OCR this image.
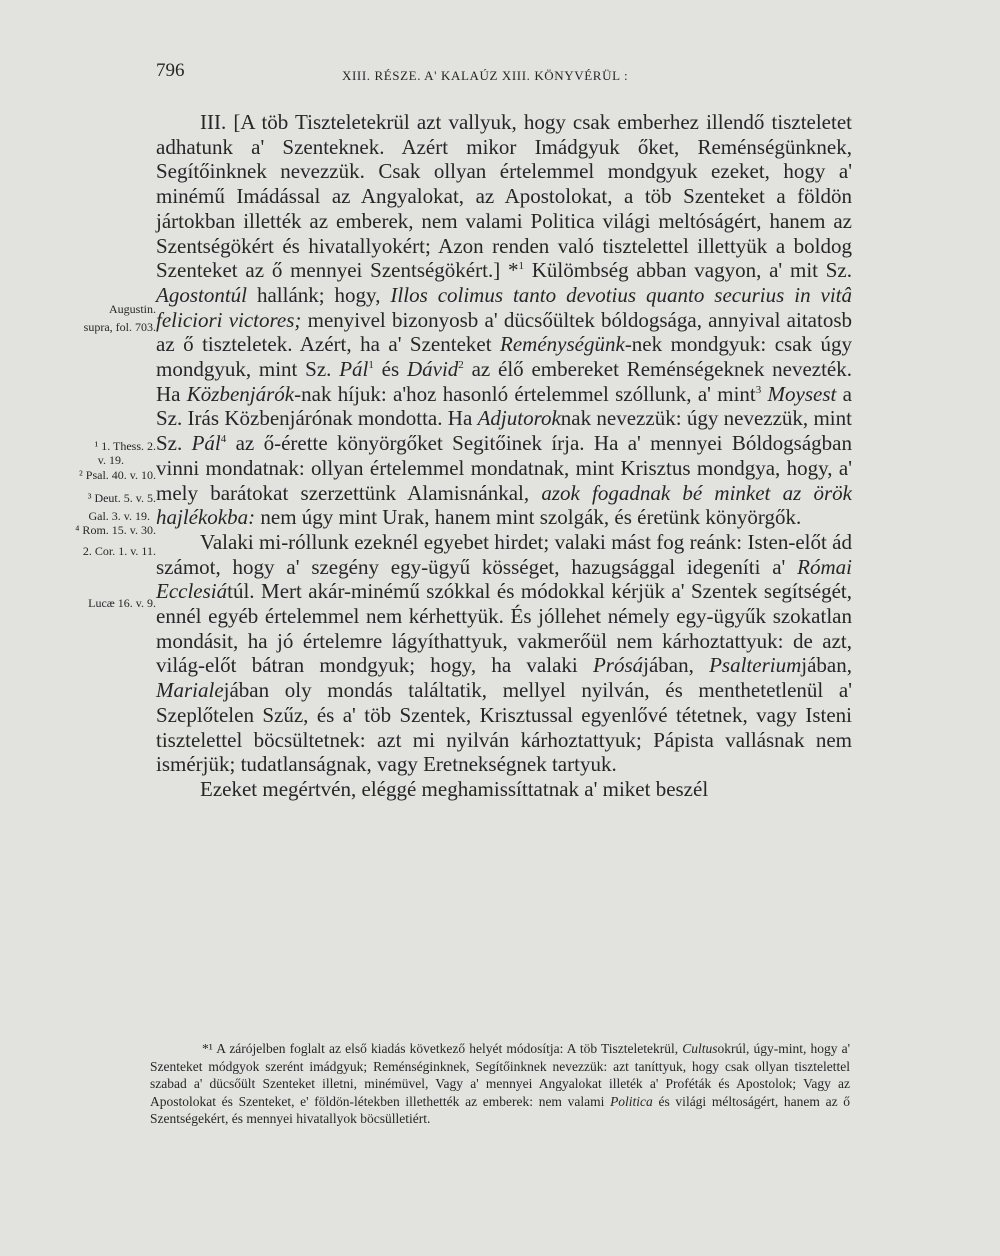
796	XIII. RÉSZE. A' KALAÚZ XIII. KÖNYVÉRÜL :
Augustin.
supra, fol. 703.
¹ 1. Thess. 2.
v. 19.
² Psal. 40. v. 10.
³ Deut. 5. v. 5.
Gal. 3. v. 19.
⁴ Rom. 15. v. 30.
2. Cor. 1. v. 11.
Lucæ 16. v. 9.

III. [A töb Tiszteletekrül azt vallyuk, hogy csak emberhez illendő tiszteletet adhatunk a' Szenteknek. Azért mikor Imádgyuk őket, Reménségünknek, Segítőinknek nevezzük. Csak ollyan értelemmel mondgyuk ezeket, hogy a' minémű Imádással az Angyalokat, az Apostolokat, a töb Szenteket a földön jártokban illették az emberek, nem valami Politica világi meltóságért, hanem az Szentségökért és hivatallyokért; Azon renden való tisztelettel illettyük a boldog Szenteket az ő mennyei Szentségökért.] *$^1$ Külömbség abban vagyon, a' mit Sz. Agostontúl hallánk; hogy, Illos colimus tanto devotius quanto securius in vitâ feliciori victores; menyivel bizonyosb a' dücsőültek bóldogsága, annyival aitatosb az ő tiszteletek. Azért, ha a' Szenteket Reménységünk-nek mondgyuk: csak úgy mondgyuk, mint Sz. Pál$^1$ és Dávid$^2$ az élő embereket Reménségeknek nevezték. Ha Közbenjárók-nak híjuk: a'hoz hasonló értelemmel szóllunk, a' mint$^3$ Moysest a Sz. Irás Közbenjárónak mondotta. Ha Adjutoroknak nevezzük: úgy nevezzük, mint Sz. Pál$^4$ az ő-érette könyörgőket Segitőinek írja. Ha a' mennyei Bóldogságban vinni mondatnak: ollyan értelemmel mondatnak, mint Krisztus mondgya, hogy, a' mely barátokat szerzettünk Alamisnánkal, azok fogadnak bé minket az örök hajlékokba: nem úgy mint Urak, hanem mint szolgák, és éretünk könyörgők.

Valaki mi-róllunk ezeknél egyebet hirdet; valaki mást fog reánk: Isten-előt ád számot, hogy a' szegény egy-ügyű kösséget, hazugsággal idegeníti a' Római Ecclesiátúl. Mert akár-minémű szókkal és módokkal kérjük a' Szentek segítségét, ennél egyéb értelemmel nem kérhettyük. És jóllehet némely egy-ügyűk szokatlan mondásit, ha jó értelemre lágyíthattyuk, vakmerőül nem kárhoztattyuk: de azt, világ-előt bátran mondgyuk; hogy, ha valaki Prósájában, Psalteriumjában, Marialejában oly mondás találtatik, mellyel nyilván, és menthetetlenül a' Szeplőtelen Szűz, és a' töb Szentek, Krisztussal egyenlővé tétetnek, vagy Isteni tisztelettel böcsültetnek: azt mi nyilván kárhoztattyuk; Pápista vallásnak nem ismérjük; tudatlanságnak, vagy Eretnekségnek tartyuk.

Ezeket megértvén, eléggé meghamissíttatnak a' miket beszél

*¹ A zárójelben foglalt az első kiadás következő helyét módosítja: A töb Tiszteletekrül, Cultusokrúl, úgy-mint, hogy a' Szenteket módgyok szerént imádgyuk; Reménséginknek, Segítőinknek nevezzük: azt taníttyuk, hogy csak ollyan tisztelettel szabad a' dücsőült Szenteket illetni, minémüvel, Vagy a' mennyei Angyalokat illeték a' Proféták és Apostolok; Vagy az Apostolokat és Szenteket, e' földön-létekben illethették az emberek: nem valami Politica és világi méltoságért, hanem az ő Szentségekért, és mennyei hivatallyok böcsülletiért.
